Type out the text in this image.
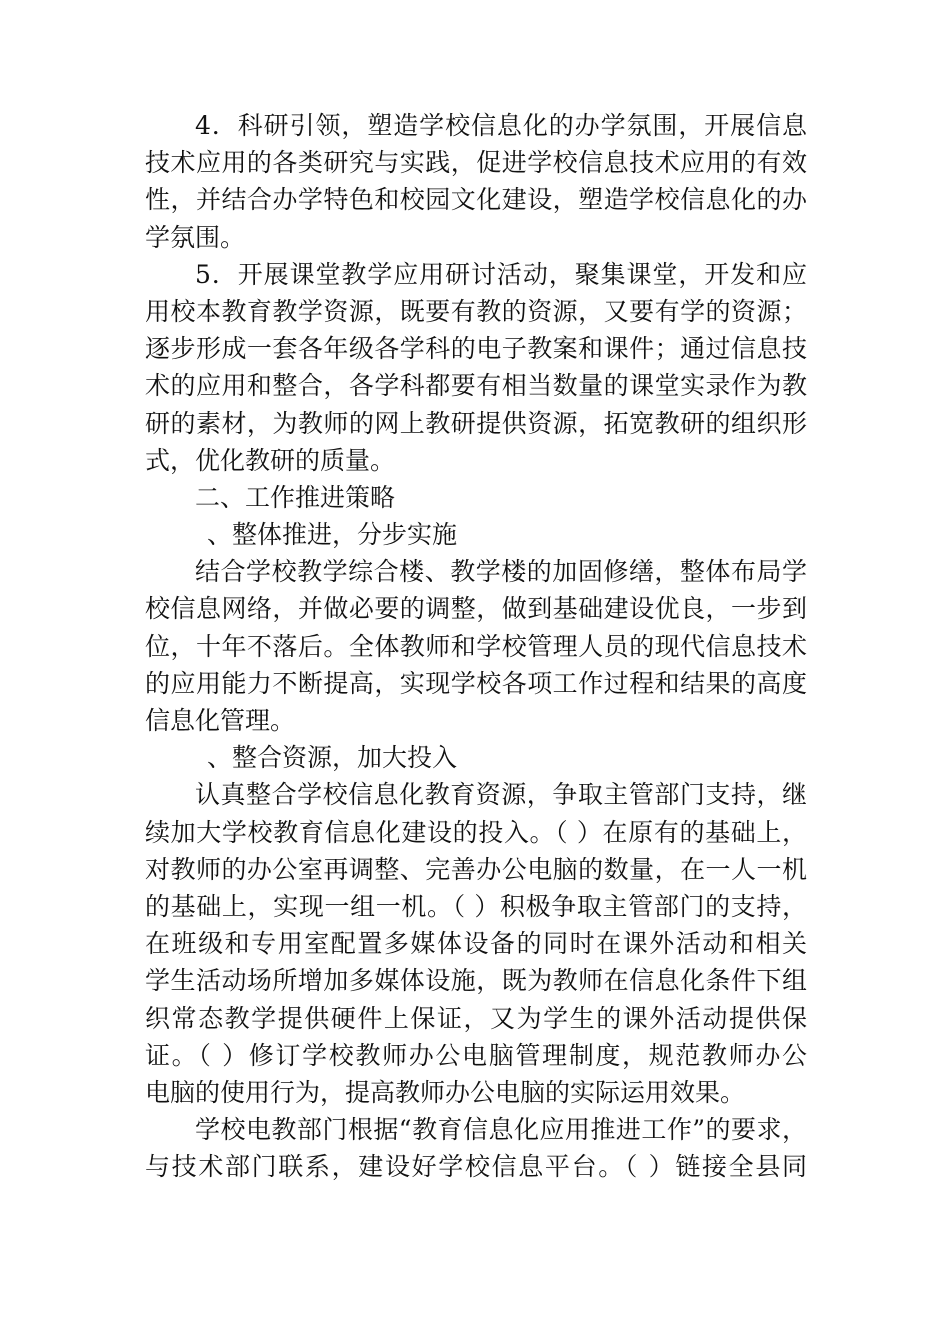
4．科研引领，塑造学校信息化的办学氛围，开展信息
技术应用的各类研究与实践，促进学校信息技术应用的有效
性，并结合办学特色和校园文化建设，塑造学校信息化的办
学氛围。
5．开展课堂教学应用研讨活动，聚集课堂，开发和应
用校本教育教学资源，既要有教的资源，又要有学的资源；
逐步形成一套各年级各学科的电子教案和课件；通过信息技
术的应用和整合，各学科都要有相当数量的课堂实录作为教
研的素材，为教师的网上教研提供资源，拓宽教研的组织形
式，优化教研的质量。
二、工作推进策略
、整体推进，分步实施
结合学校教学综合楼、教学楼的加固修缮，整体布局学
校信息网络，并做必要的调整，做到基础建设优良，一步到
位，十年不落后。全体教师和学校管理人员的现代信息技术
的应用能力不断提高，实现学校各项工作过程和结果的高度
信息化管理。
、整合资源，加大投入
认真整合学校信息化教育资源，争取主管部门支持，继
续加大学校教育信息化建设的投入。（ ）在原有的基础上，
对教师的办公室再调整、完善办公电脑的数量，在一人一机
的基础上，实现一组一机。（ ）积极争取主管部门的支持，
在班级和专用室配置多媒体设备的同时在课外活动和相关
学生活动场所增加多媒体设施，既为教师在信息化条件下组
织常态教学提供硬件上保证，又为学生的课外活动提供保
证。（ ）修订学校教师办公电脑管理制度，规范教师办公
电脑的使用行为，提高教师办公电脑的实际运用效果。
学校电教部门根据“教育信息化应用推进工作”的要求，
与技术部门联系，建设好学校信息平台。（ ）链接全县同
